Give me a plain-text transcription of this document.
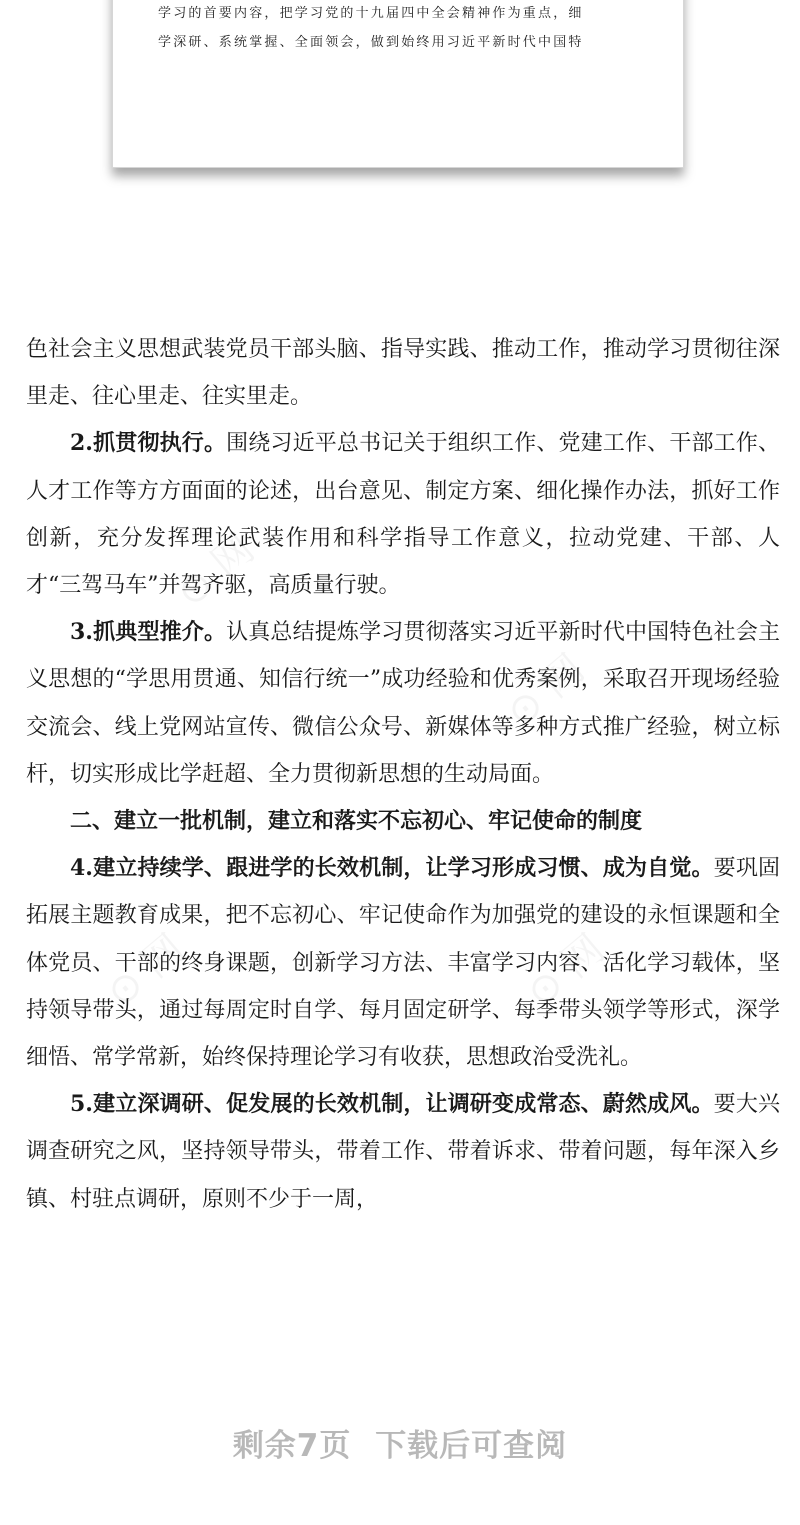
学习的首要内容，把学习党的十九届四中全会精神作为重点，细
学深研、系统掌握、全面领会，做到始终用习近平新时代中国特

色社会主义思想武装党员干部头脑、指导实践、推动工作，推动学习贯彻往深里走、往心里走、往实里走。

2.抓贯彻执行。围绕习近平总书记关于组织工作、党建工作、干部工作、人才工作等方方面面的论述，出台意见、制定方案、细化操作办法，抓好工作创新，充分发挥理论武装作用和科学指导工作意义，拉动党建、干部、人才“三驾马车”并驾齐驱，高质量行驶。

3.抓典型推介。认真总结提炼学习贯彻落实习近平新时代中国特色社会主义思想的“学思用贯通、知信行统一”成功经验和优秀案例，采取召开现场经验交流会、线上党网站宣传、微信公众号、新媒体等多种方式推广经验，树立标杆，切实形成比学赶超、全力贯彻新思想的生动局面。

二、建立一批机制，建立和落实不忘初心、牢记使命的制度

4.建立持续学、跟进学的长效机制，让学习形成习惯、成为自觉。要巩固拓展主题教育成果，把不忘初心、牢记使命作为加强党的建设的永恒课题和全体党员、干部的终身课题，创新学习方法、丰富学习内容、活化学习载体，坚持领导带头，通过每周定时自学、每月固定研学、每季带头领学等形式，深学细悟、常学常新，始终保持理论学习有收获，思想政治受洗礼。

5.建立深调研、促发展的长效机制，让调研变成常态、蔚然成风。要大兴调查研究之风，坚持领导带头，带着工作、带着诉求、带着问题，每年深入乡镇、村驻点调研，原则不少于一周，

剩余7页 下载后可查阅
